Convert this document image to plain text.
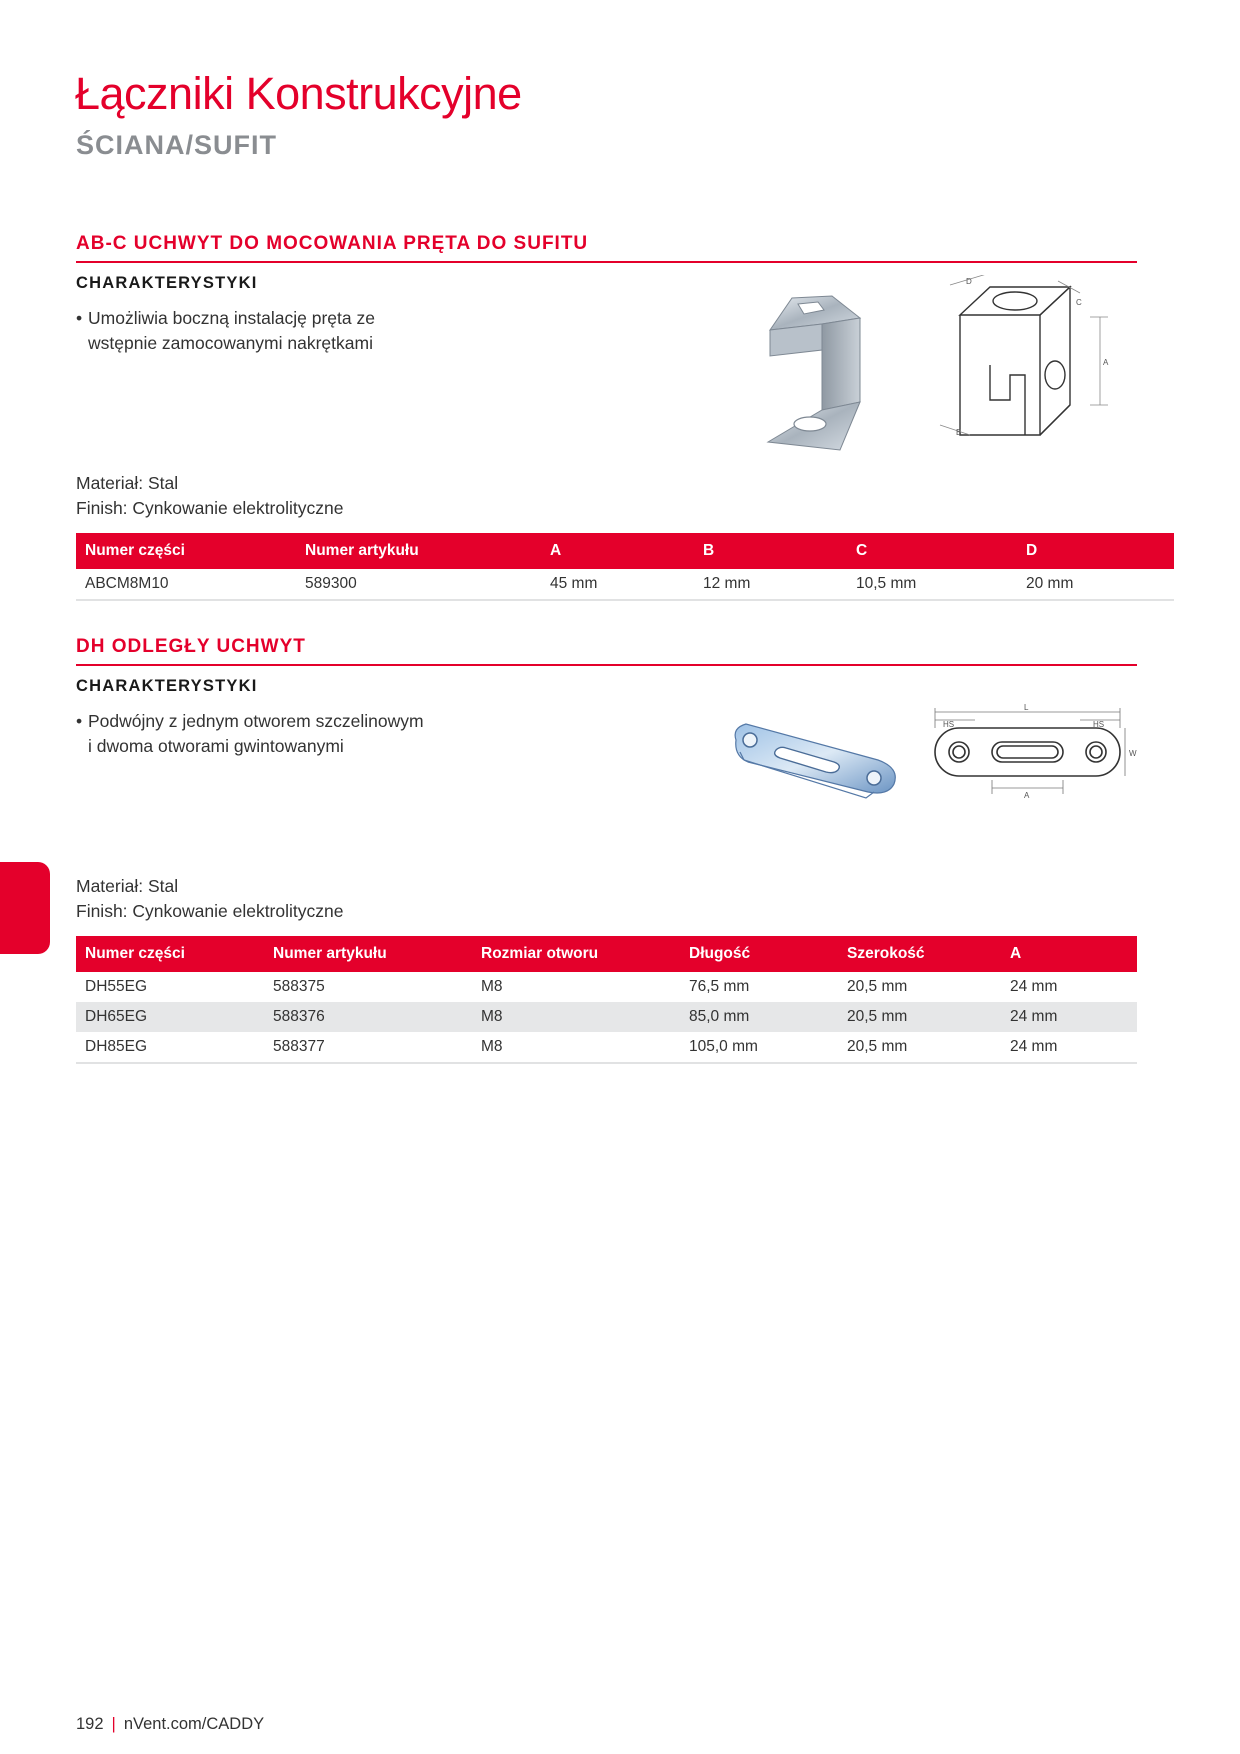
Łączniki Konstrukcyjne
ŚCIANA/SUFIT
AB-C UCHWYT DO MOCOWANIA PRĘTA DO SUFITU
CHARAKTERYSTYKI
• Umożliwia boczną instalację pręta ze
wstępnie zamocowanymi nakrętkami
D
C
A
B
Materiał: Stal
Finish: Cynkowanie elektrolityczne
Numer części	Numer artykułu	A	B	C	D
ABCM8M10	589300	45 mm	12 mm	10,5 mm	20 mm
DH ODLEGŁY UCHWYT
CHARAKTERYSTYKI
• Podwójny z jednym otworem szczelinowym
i dwoma otworami gwintowanymi
L
HS	HS
W
A
Materiał: Stal
Finish: Cynkowanie elektrolityczne
Numer części	Numer artykułu	Rozmiar otworu	Długość	Szerokość	A
DH55EG	588375	M8	76,5 mm	20,5 mm	24 mm
DH65EG	588376	M8	85,0 mm	20,5 mm	24 mm
DH85EG	588377	M8	105,0 mm	20,5 mm	24 mm
192 | nVent.com/CADDY
